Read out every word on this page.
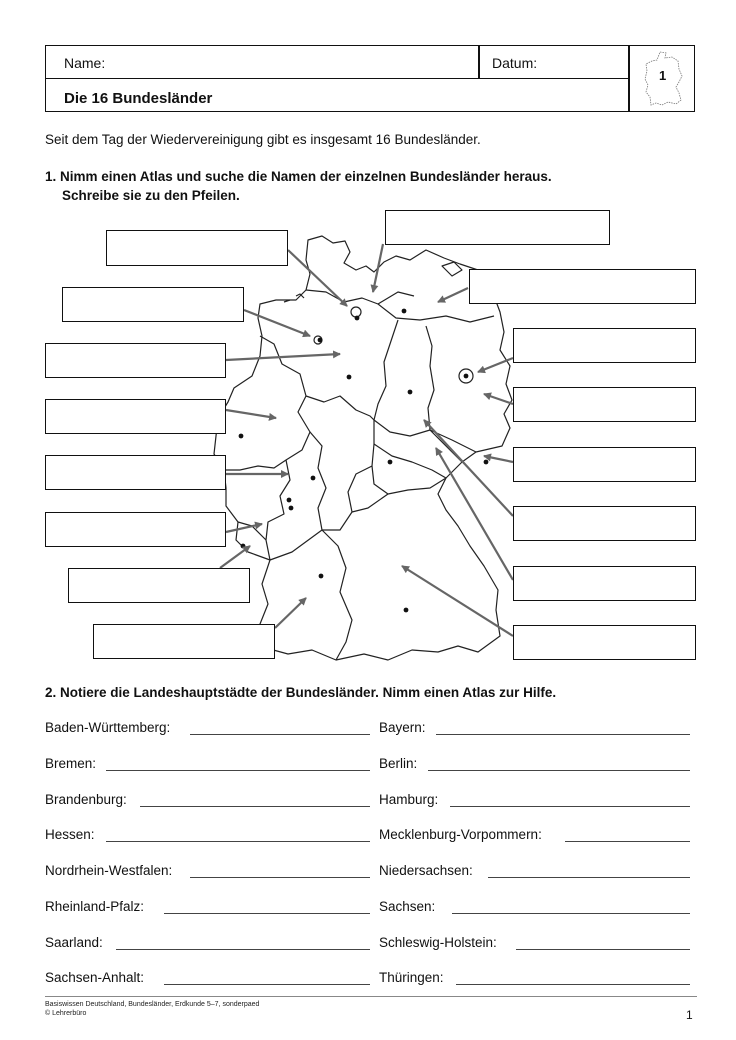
Name:	Datum:
Die 16 Bundesländer
1
Seit dem Tag der Wiedervereinigung gibt es insgesamt 16 Bundesländer.
1. Nimm einen Atlas und suche die Namen der einzelnen Bundesländer heraus.
Schreibe sie zu den Pfeilen.
2. Notiere die Landeshauptstädte der Bundesländer. Nimm einen Atlas zur Hilfe.
Baden-Württemberg:
Bremen:
Brandenburg:
Hessen:
Nordrhein-Westfalen:
Rheinland-Pfalz:
Saarland:
Sachsen-Anhalt:
Bayern:
Berlin:
Hamburg:
Mecklenburg-Vorpommern:
Niedersachsen:
Sachsen:
Schleswig-Holstein:
Thüringen:
Basiswissen Deutschland, Bundesländer, Erdkunde 5–7, sonderpaed
© Lehrerbüro	1
